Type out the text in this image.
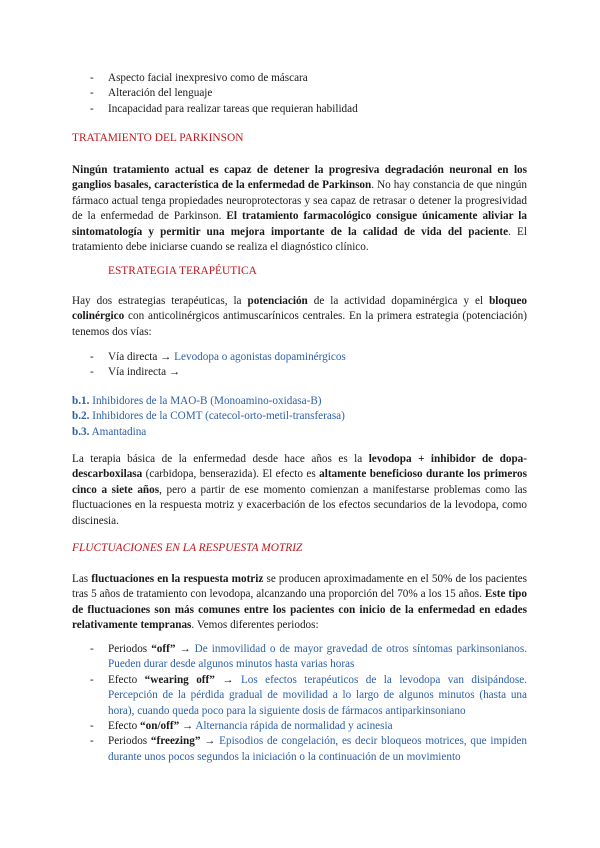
- Aspecto facial inexpresivo como de máscara
- Alteración del lenguaje
- Incapacidad para realizar tareas que requieran habilidad
TRATAMIENTO DEL PARKINSON

Ningún tratamiento actual es capaz de detener la progresiva degradación neuronal en los ganglios basales, característica de la enfermedad de Parkinson. No hay constancia de que ningún fármaco actual tenga propiedades neuroprotectoras y sea capaz de retrasar o detener la progresividad de la enfermedad de Parkinson. El tratamiento farmacológico consigue únicamente aliviar la sintomatología y permitir una mejora importante de la calidad de vida del paciente. El tratamiento debe iniciarse cuando se realiza el diagnóstico clínico.

ESTRATEGIA TERAPÉUTICA

Hay dos estrategias terapéuticas, la potenciación de la actividad dopaminérgica y el bloqueo colinérgico con anticolinérgicos antimuscarínicos centrales. En la primera estrategia (potenciación) tenemos dos vías:

- Vía directa → Levodopa o agonistas dopaminérgicos
- Vía indirecta →
b.1. Inhibidores de la MAO-B (Monoamino-oxidasa-B)
b.2. Inhibidores de la COMT (catecol-orto-metil-transferasa)
b.3. Amantadina

La terapia básica de la enfermedad desde hace años es la levodopa + inhibidor de dopa-descarboxilasa (carbidopa, benserazida). El efecto es altamente beneficioso durante los primeros cinco a siete años, pero a partir de ese momento comienzan a manifestarse problemas como las fluctuaciones en la respuesta motriz y exacerbación de los efectos secundarios de la levodopa, como discinesia.

FLUCTUACIONES EN LA RESPUESTA MOTRIZ

Las fluctuaciones en la respuesta motriz se producen aproximadamente en el 50% de los pacientes tras 5 años de tratamiento con levodopa, alcanzando una proporción del 70% a los 15 años. Este tipo de fluctuaciones son más comunes entre los pacientes con inicio de la enfermedad en edades relativamente tempranas. Vemos diferentes periodos:

- Periodos “off” → De inmovilidad o de mayor gravedad de otros síntomas parkinsonianos. Pueden durar desde algunos minutos hasta varias horas
- Efecto “wearing off” → Los efectos terapéuticos de la levodopa van disipándose. Percepción de la pérdida gradual de movilidad a lo largo de algunos minutos (hasta una hora), cuando queda poco para la siguiente dosis de fármacos antiparkinsoniano
- Efecto “on/off” → Alternancia rápida de normalidad y acinesia
- Periodos “freezing” → Episodios de congelación, es decir bloqueos motrices, que impiden durante unos pocos segundos la iniciación o la continuación de un movimiento
